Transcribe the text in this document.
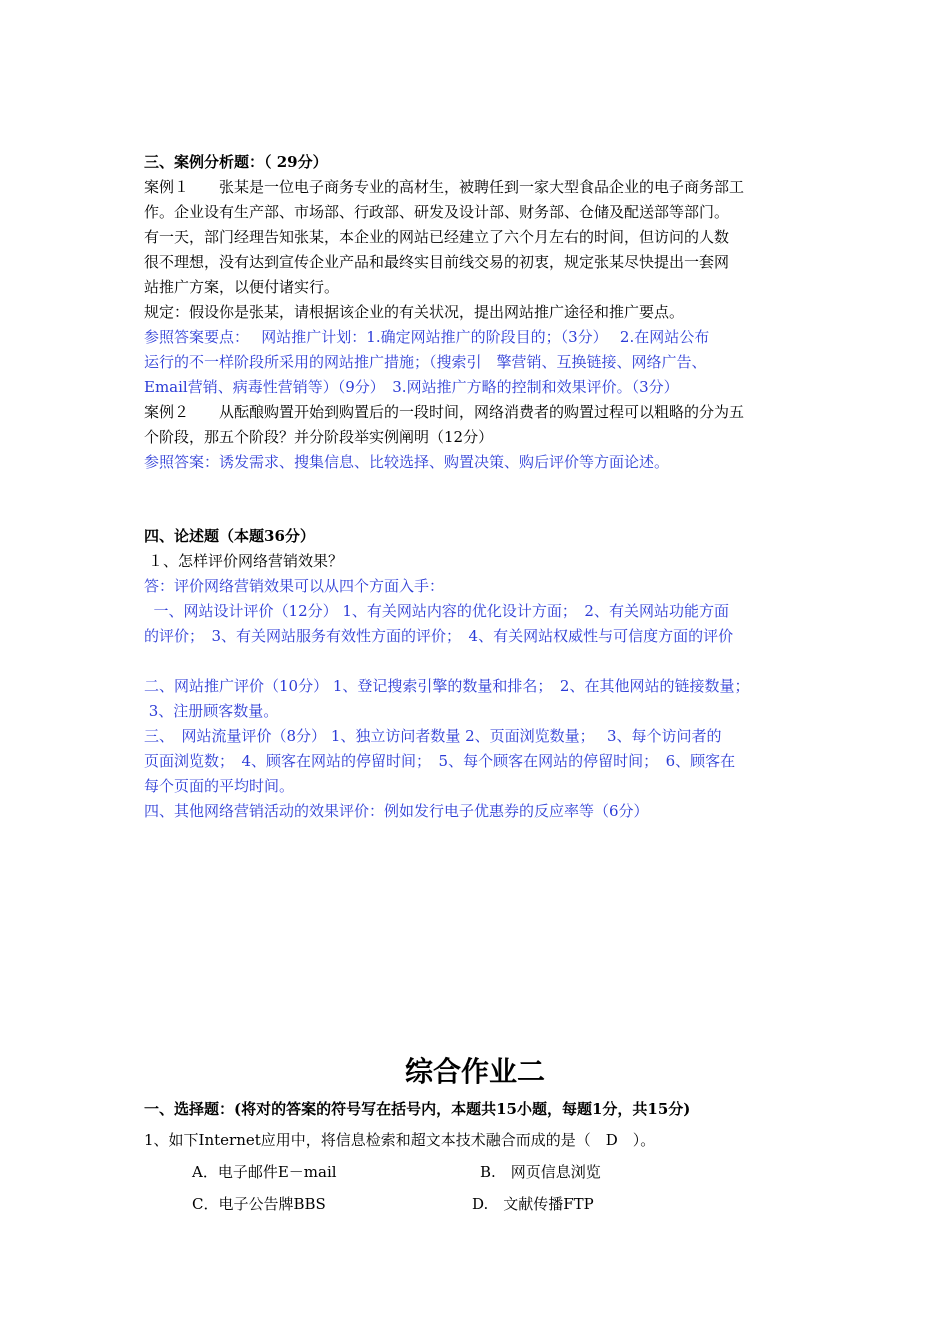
三、案例分析题：（ 29分）
案例１　　张某是一位电子商务专业的高材生，被聘任到一家大型食品企业的电子商务部工
作。企业设有生产部、市场部、行政部、研发及设计部、财务部、仓储及配送部等部门。
有一天，部门经理告知张某，本企业的网站已经建立了六个月左右的时间，但访问的人数
很不理想，没有达到宣传企业产品和最终实目前线交易的初衷，规定张某尽快提出一套网
站推广方案，以便付诸实行。
规定：假设你是张某，请根据该企业的有关状况，提出网站推广途径和推广要点。
参照答案要点：　 网站推广计划：1.确定网站推广的阶段目的；（3分）　 2.在网站公布
运行的不一样阶段所采用的网站推广措施；（搜索引　擎营销、互换链接、网络广告、
Email营销、病毒性营销等）（9分）　3.网站推广方略的控制和效果评价。（3分）
案例２　　从酝酿购置开始到购置后的一段时间，网络消费者的购置过程可以粗略的分为五
个阶段，那五个阶段？并分阶段举实例阐明（12分）
参照答案：诱发需求、搜集信息、比较选择、购置决策、购后评价等方面论述。
四、论述题（本题36分）
１、怎样评价网络营销效果？
答：评价网络营销效果可以从四个方面入手：
一、网站设计评价（12分） 1、有关网站内容的优化设计方面；　2、有关网站功能方面
的评价；　3、有关网站服务有效性方面的评价；　4、有关网站权威性与可信度方面的评价
二、网站推广评价（10分） 1、登记搜索引擎的数量和排名；　2、在其他网站的链接数量；
3、注册顾客数量。
三、　网站流量评价（8分） 1、独立访问者数量 2、页面浏览数量；　 3、每个访问者的
页面浏览数；　4、顾客在网站的停留时间；　5、每个顾客在网站的停留时间；　6、顾客在
每个页面的平均时间。
四、其他网络营销活动的效果评价：例如发行电子优惠券的反应率等（6分）
综合作业二
一、选择题：(将对的答案的符号写在括号内，本题共15小题，每题1分，共15分)
1、如下Internet应用中，将信息检索和超文本技术融合而成的是（　D　）。
A．电子邮件E－mail	B.　网页信息浏览
C．电子公告牌BBS	D.　文献传播FTP
